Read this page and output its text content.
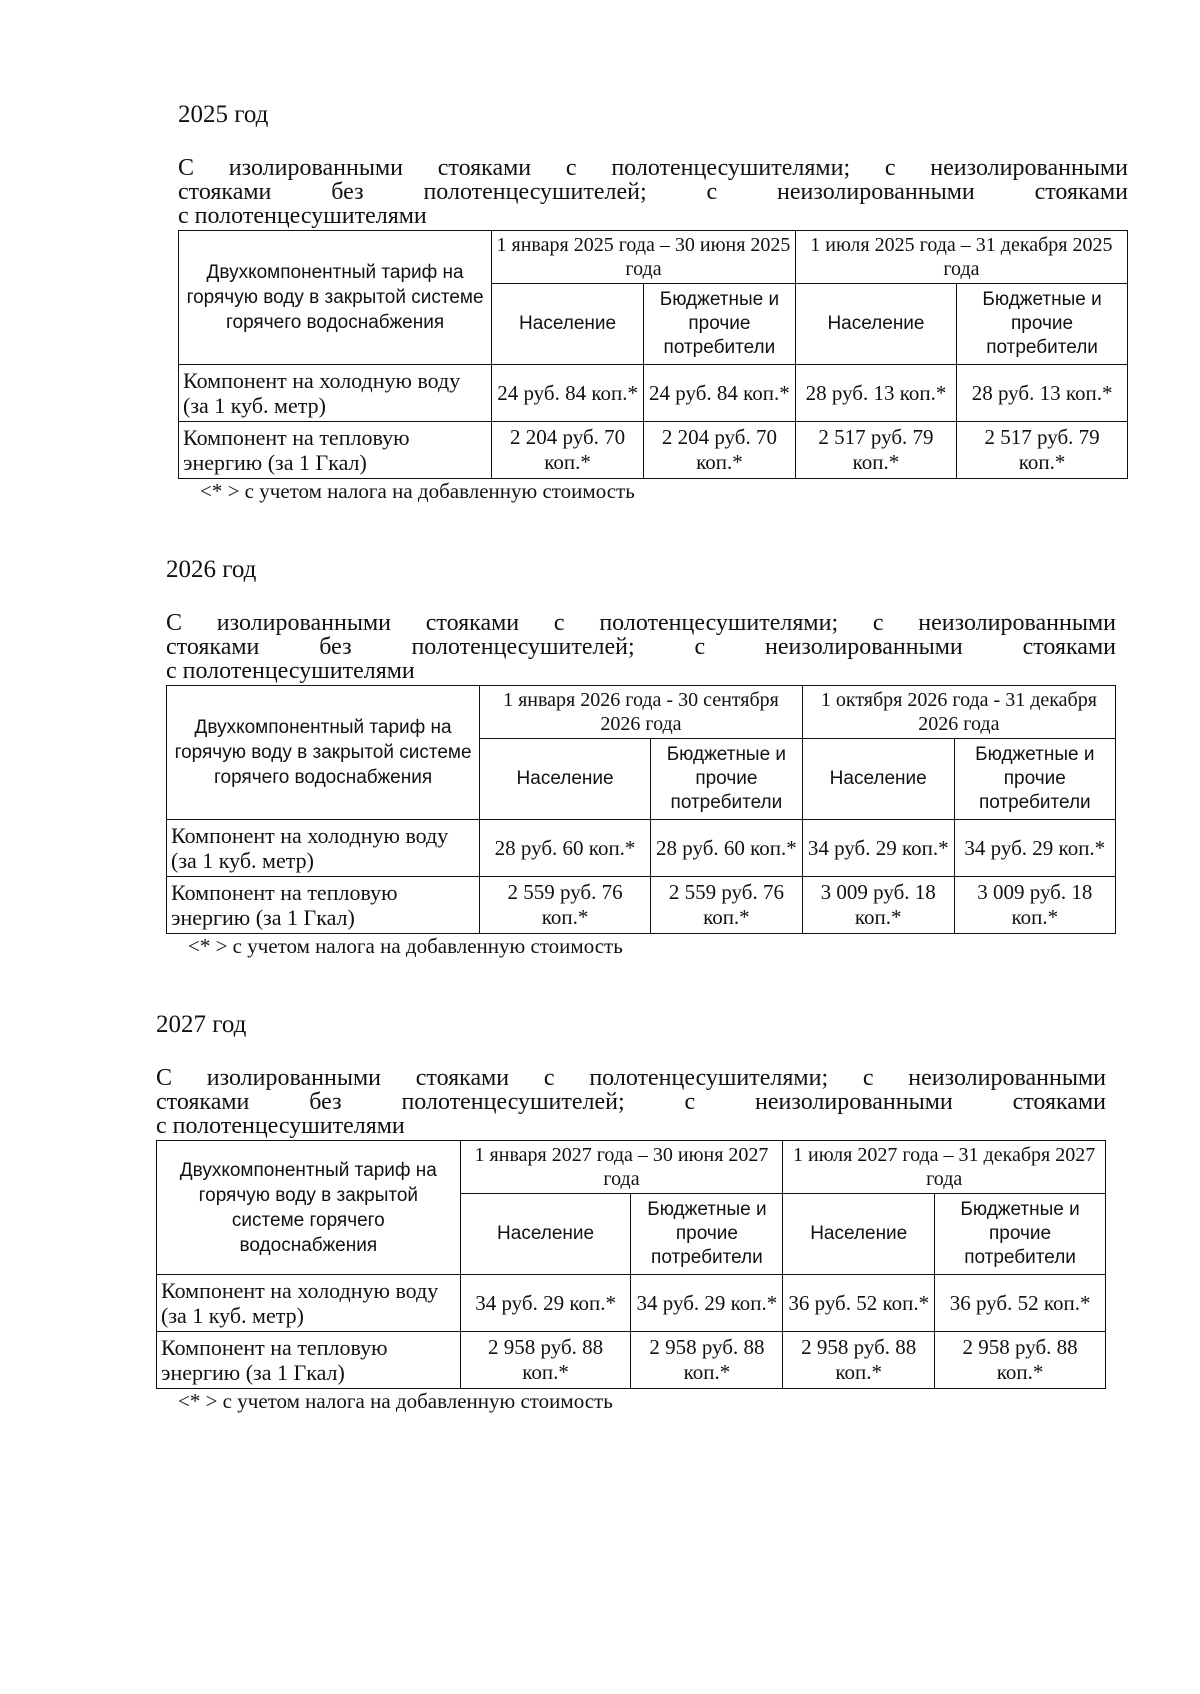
2025 год

С изолированными стояками с полотенцесушителями; с неизолированными
стояками без полотенцесушителей; с неизолированными стояками
с полотенцесушителями

Двухкомпонентный тариф на горячую воду в закрытой системе горячего водоснабжения	1 января 2025 года – 30 июня 2025 года		1 июля 2025 года – 31 декабря 2025 года	
	Население	Бюджетные и прочие потребители	Население	Бюджетные и прочие потребители
Компонент на холодную воду (за 1 куб. метр)	24 руб. 84 коп.*	24 руб. 84 коп.*	28 руб. 13 коп.*	28 руб. 13 коп.*
Компонент на тепловую энергию (за 1 Гкал)	2 204 руб. 70 коп.*	2 204 руб. 70 коп.*	2 517 руб. 79 коп.*	2 517 руб. 79 коп.*

<* > с учетом налога на добавленную стоимость

2026 год

С изолированными стояками с полотенцесушителями; с неизолированными
стояками без полотенцесушителей; с неизолированными стояками
с полотенцесушителями

Двухкомпонентный тариф на горячую воду в закрытой системе горячего водоснабжения	1 января 2026 года - 30 сентября 2026 года		1 октября 2026 года - 31 декабря 2026 года	
	Население	Бюджетные и прочие потребители	Население	Бюджетные и прочие потребители
Компонент на холодную воду (за 1 куб. метр)	28 руб. 60 коп.*	28 руб. 60 коп.*	34 руб. 29 коп.*	34 руб. 29 коп.*
Компонент на тепловую энергию (за 1 Гкал)	2 559 руб. 76 коп.*	2 559 руб. 76 коп.*	3 009 руб. 18 коп.*	3 009 руб. 18 коп.*

<* > с учетом налога на добавленную стоимость

2027 год

С изолированными стояками с полотенцесушителями; с неизолированными
стояками без полотенцесушителей; с неизолированными стояками
с полотенцесушителями

Двухкомпонентный тариф на горячую воду в закрытой системе горячего водоснабжения	1 января 2027 года – 30 июня 2027 года		1 июля 2027 года – 31 декабря 2027 года	
	Население	Бюджетные и прочие потребители	Население	Бюджетные и прочие потребители
Компонент на холодную воду (за 1 куб. метр)	34 руб. 29 коп.*	34 руб. 29 коп.*	36 руб. 52 коп.*	36 руб. 52 коп.*
Компонент на тепловую энергию (за 1 Гкал)	2 958 руб. 88 коп.*	2 958 руб. 88 коп.*	2 958 руб. 88 коп.*	2 958 руб. 88 коп.*

<* > с учетом налога на добавленную стоимость
